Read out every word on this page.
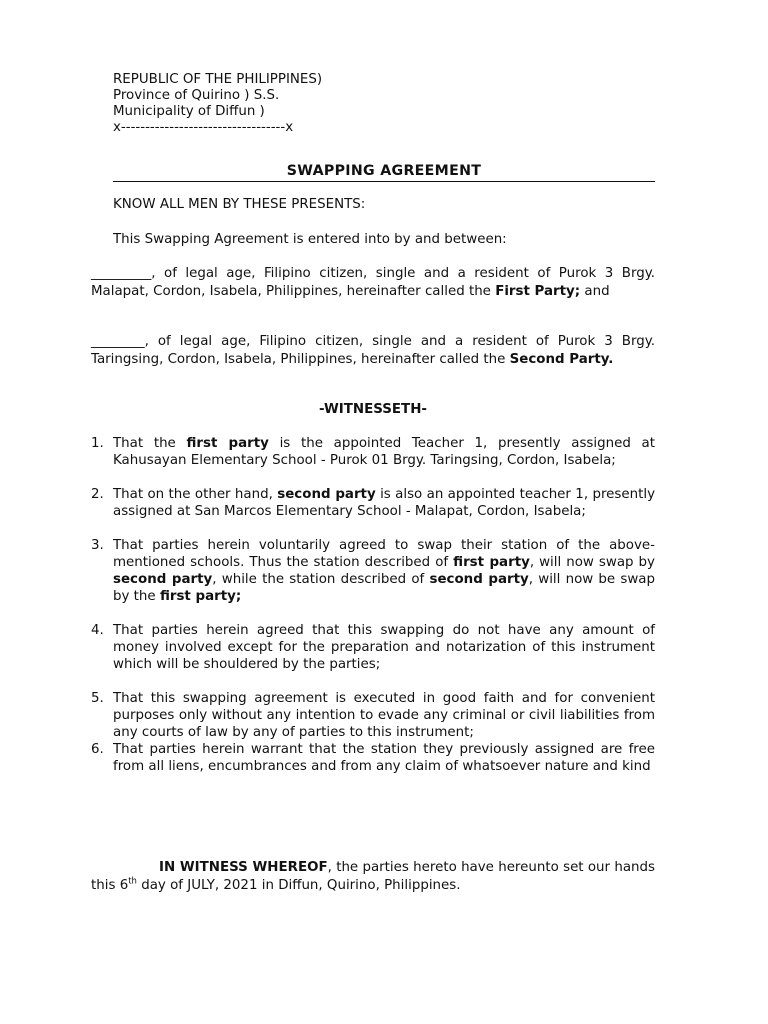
REPUBLIC OF THE PHILIPPINES)
Province of Quirino ) S.S.
Municipality of Diffun )
x----------------------------------x
SWAPPING AGREEMENT
KNOW ALL MEN BY THESE PRESENTS:
This Swapping Agreement is entered into by and between:

_________, of legal age, Filipino citizen, single and a resident of Purok 3 Brgy. Malapat, Cordon, Isabela, Philippines, hereinafter called the First Party; and

________, of legal age, Filipino citizen, single and a resident of Purok 3 Brgy. Taringsing, Cordon, Isabela, Philippines, hereinafter called the Second Party.

-WITNESSETH-
1. That the first party is the appointed Teacher 1, presently assigned at Kahusayan Elementary School - Purok 01 Brgy. Taringsing, Cordon, Isabela;
2. That on the other hand, second party is also an appointed teacher 1, presently assigned at San Marcos Elementary School - Malapat, Cordon, Isabela;
3. That parties herein voluntarily agreed to swap their station of the above-mentioned schools. Thus the station described of first party, will now swap by second party, while the station described of second party, will now be swap by the first party;
4. That parties herein agreed that this swapping do not have any amount of money involved except for the preparation and notarization of this instrument which will be shouldered by the parties;
5. That this swapping agreement is executed in good faith and for convenient purposes only without any intention to evade any criminal or civil liabilities from any courts of law by any of parties to this instrument;
6. That parties herein warrant that the station they previously assigned are free from all liens, encumbrances and from any claim of whatsoever nature and kind

IN WITNESS WHEREOF, the parties hereto have hereunto set our hands this 6th day of JULY, 2021 in Diffun, Quirino, Philippines.
